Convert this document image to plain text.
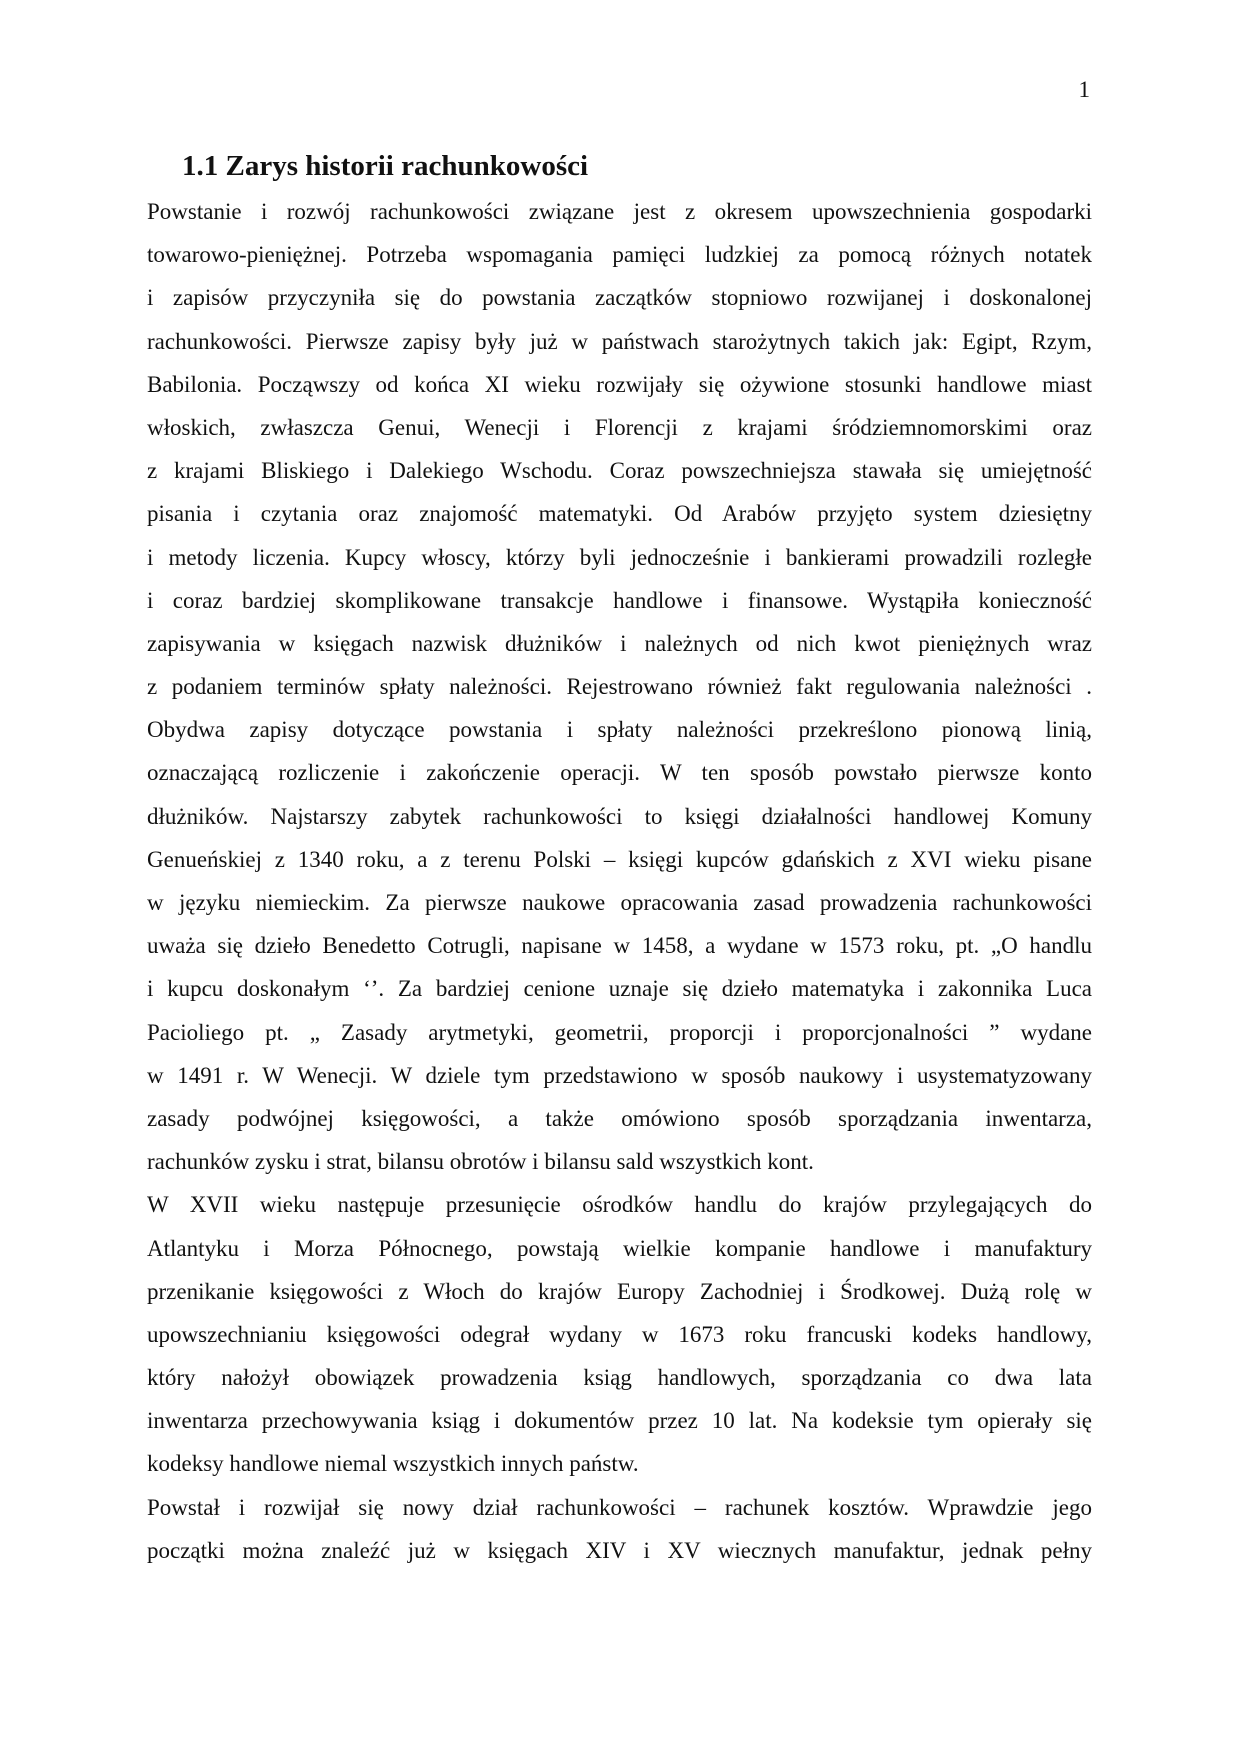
1
1.1 Zarys historii rachunkowości
Powstanie i rozwój rachunkowości związane jest z okresem upowszechnienia gospodarki
towarowo-pieniężnej. Potrzeba wspomagania pamięci ludzkiej za pomocą różnych notatek
i zapisów przyczyniła się do powstania zaczątków stopniowo rozwijanej i doskonalonej
rachunkowości. Pierwsze zapisy były już w państwach starożytnych takich jak: Egipt, Rzym,
Babilonia. Począwszy od końca XI wieku rozwijały się ożywione stosunki handlowe miast
włoskich, zwłaszcza Genui, Wenecji i Florencji z krajami śródziemnomorskimi oraz
z krajami Bliskiego i Dalekiego Wschodu. Coraz powszechniejsza stawała się umiejętność
pisania i czytania oraz znajomość matematyki. Od Arabów przyjęto system dziesiętny
i metody liczenia. Kupcy włoscy, którzy byli jednocześnie i bankierami prowadzili rozległe
i coraz bardziej skomplikowane transakcje handlowe i finansowe. Wystąpiła konieczność
zapisywania w księgach nazwisk dłużników i należnych od nich kwot pieniężnych wraz
z podaniem terminów spłaty należności. Rejestrowano również fakt regulowania należności .
Obydwa zapisy dotyczące powstania i spłaty należności przekreślono pionową linią,
oznaczającą rozliczenie i zakończenie operacji. W ten sposób powstało pierwsze konto
dłużników. Najstarszy zabytek rachunkowości to księgi działalności handlowej Komuny
Genueńskiej z 1340 roku, a z terenu Polski – księgi kupców gdańskich z XVI wieku pisane
w języku niemieckim. Za pierwsze naukowe opracowania zasad prowadzenia rachunkowości
uważa się dzieło Benedetto Cotrugli, napisane w 1458, a wydane w 1573 roku, pt. „O handlu
i kupcu doskonałym ‘’. Za bardziej cenione uznaje się dzieło matematyka i zakonnika Luca
Pacioliego pt. „ Zasady arytmetyki, geometrii, proporcji i proporcjonalności ” wydane
w 1491 r. W Wenecji. W dziele tym przedstawiono w sposób naukowy i usystematyzowany
zasady podwójnej księgowości, a także omówiono sposób sporządzania inwentarza,
rachunków zysku i strat, bilansu obrotów i bilansu sald wszystkich kont.
W XVII wieku następuje przesunięcie ośrodków handlu do krajów przylegających do
Atlantyku i Morza Północnego, powstają wielkie kompanie handlowe i manufaktury
przenikanie księgowości z Włoch do krajów Europy Zachodniej i Środkowej. Dużą rolę w
upowszechnianiu księgowości odegrał wydany w 1673 roku francuski kodeks handlowy,
który nałożył obowiązek prowadzenia ksiąg handlowych, sporządzania co dwa lata
inwentarza przechowywania ksiąg i dokumentów przez 10 lat. Na kodeksie tym opierały się
kodeksy handlowe niemal wszystkich innych państw.
Powstał i rozwijał się nowy dział rachunkowości – rachunek kosztów. Wprawdzie jego
początki można znaleźć już w księgach XIV i XV wiecznych manufaktur, jednak pełny
